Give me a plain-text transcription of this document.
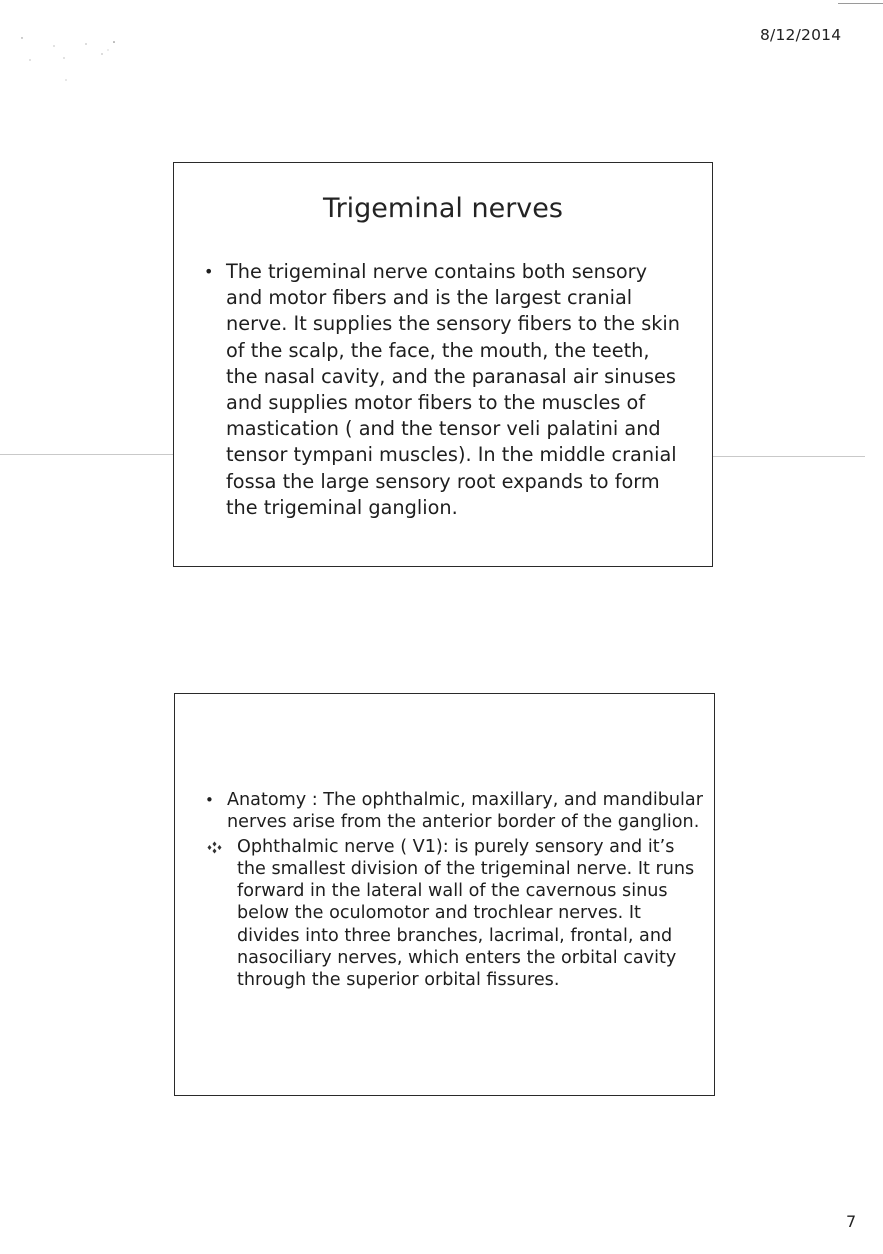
8/12/2014
7
Trigeminal nerves
• The trigeminal nerve contains both sensory and motor fibers and is the largest cranial nerve. It supplies the sensory fibers to the skin of the scalp, the face, the mouth, the teeth, the nasal cavity, and the paranasal air sinuses and supplies motor fibers to the muscles of mastication ( and the tensor veli palatini and tensor tympani muscles). In the middle cranial fossa the large sensory root expands to form the trigeminal ganglion.
• Anatomy : The ophthalmic, maxillary, and mandibular nerves arise from the anterior border of the ganglion.
Ophthalmic nerve ( V1): is purely sensory and it’s the smallest division of the trigeminal nerve. It runs forward in the lateral wall of the cavernous sinus below the oculomotor and trochlear nerves. It divides into three branches, lacrimal, frontal, and nasociliary nerves, which enters the orbital cavity through the superior orbital fissures.
